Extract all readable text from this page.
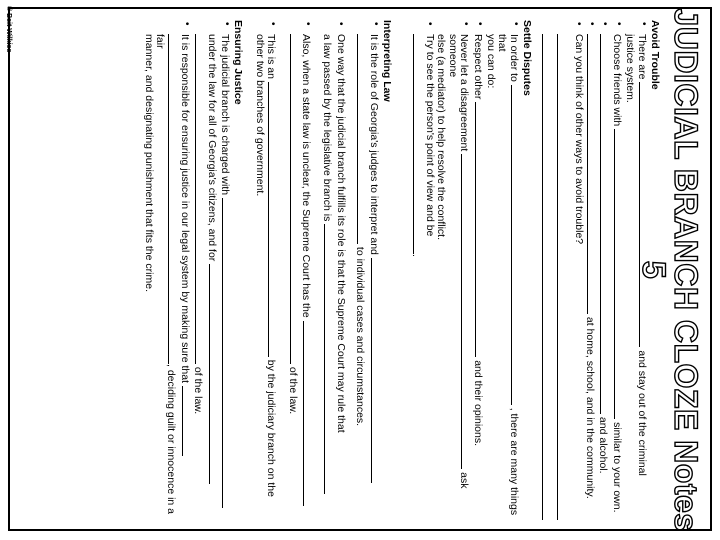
JUDICIAL BRANCH CLOZE Notes 5
Avoid Trouble
•
There are  and stay out of the criminal
justice system.
•
Choose friends with  similar to your own.
•
and alcohol.
•
at home, school, and in the community.
•
Can you think of other ways to avoid trouble?
Settle Disputes
•
In order to  , there are many things that
you can do:
•
Respect other  and their opinions.
•
Never let a disagreement  ask someone
else (a mediator) to help resolve the conflict.
•
Try to see the person's point of view and be
.
Interpreting Law
•
It is the role of Georgia's judges to interpret and
to individual cases and circumstances.
•
One way that the judicial branch fulfills its role is that the Supreme Court may rule that
a law passed by the legislative branch is
•
Also, when a state law is unclear, the Supreme Court has the
of the law.
•
This is an  by the judiciary branch on the
other two branches of government.
Ensuring Justice
•
The judicial branch is charged with
under the law for all of Georgia's citizens, and for
of the law.
•
It is responsible for ensuring justice in our legal system by making sure that
, deciding guilt or innocence in a fair
manner, and designating punishment that fits the crime.
© Bsit Wilkies
